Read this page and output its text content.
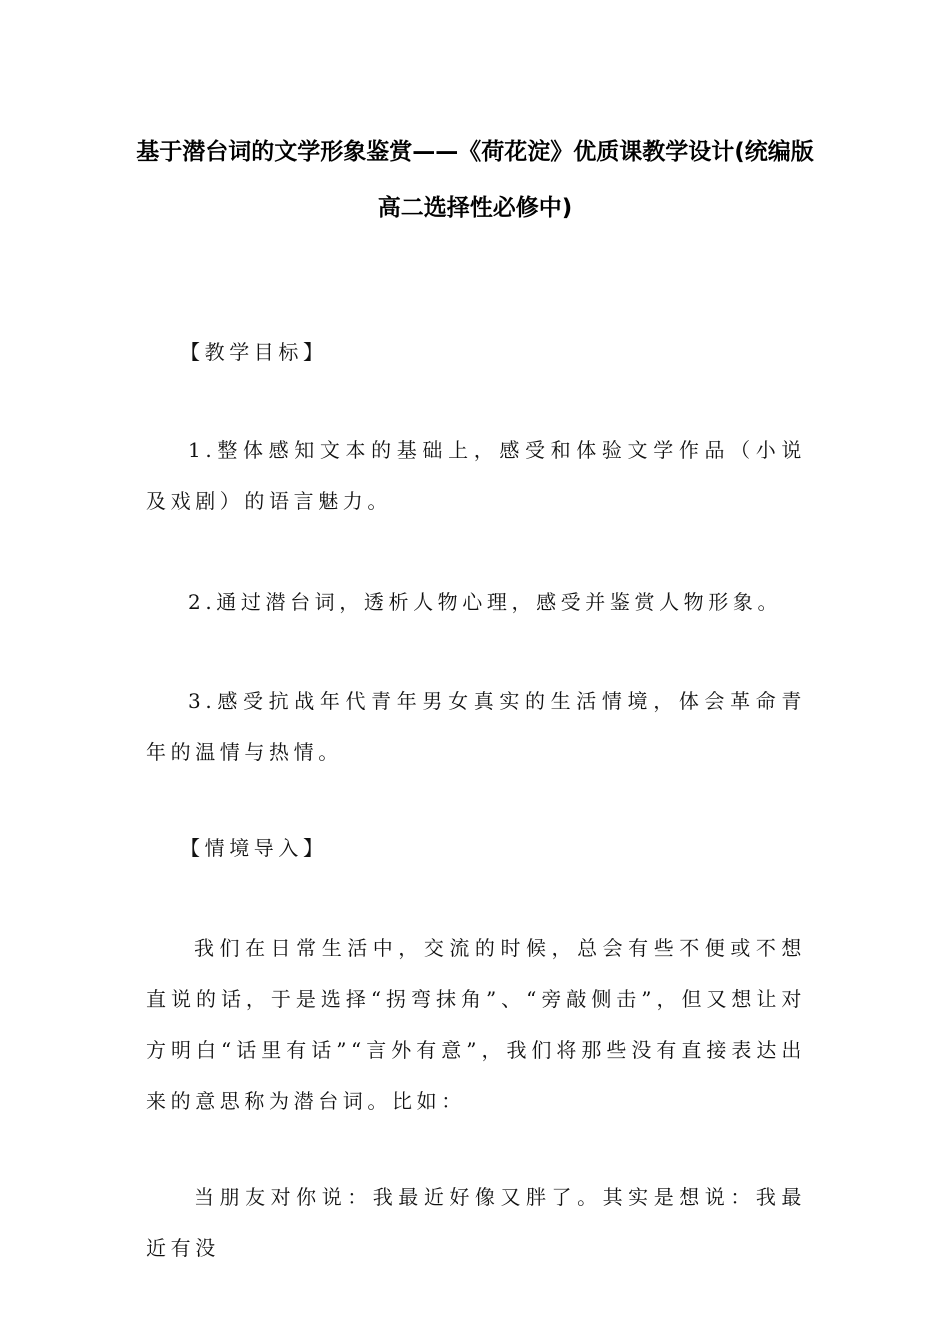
基于潜台词的文学形象鉴赏——《荷花淀》优质课教学设计(统编版
高二选择性必修中)
【教学目标】
1.整体感知文本的基础上，感受和体验文学作品（小说及戏剧）的语言魅力。
2.通过潜台词，透析人物心理，感受并鉴赏人物形象。
3.感受抗战年代青年男女真实的生活情境，体会革命青年的温情与热情。
【情境导入】
我们在日常生活中，交流的时候，总会有些不便或不想直说的话，于是选择“拐弯抹角”、“旁敲侧击”，但又想让对方明白“话里有话”“言外有意”，我们将那些没有直接表达出来的意思称为潜台词。比如：
当朋友对你说：我最近好像又胖了。其实是想说：我最近有没
